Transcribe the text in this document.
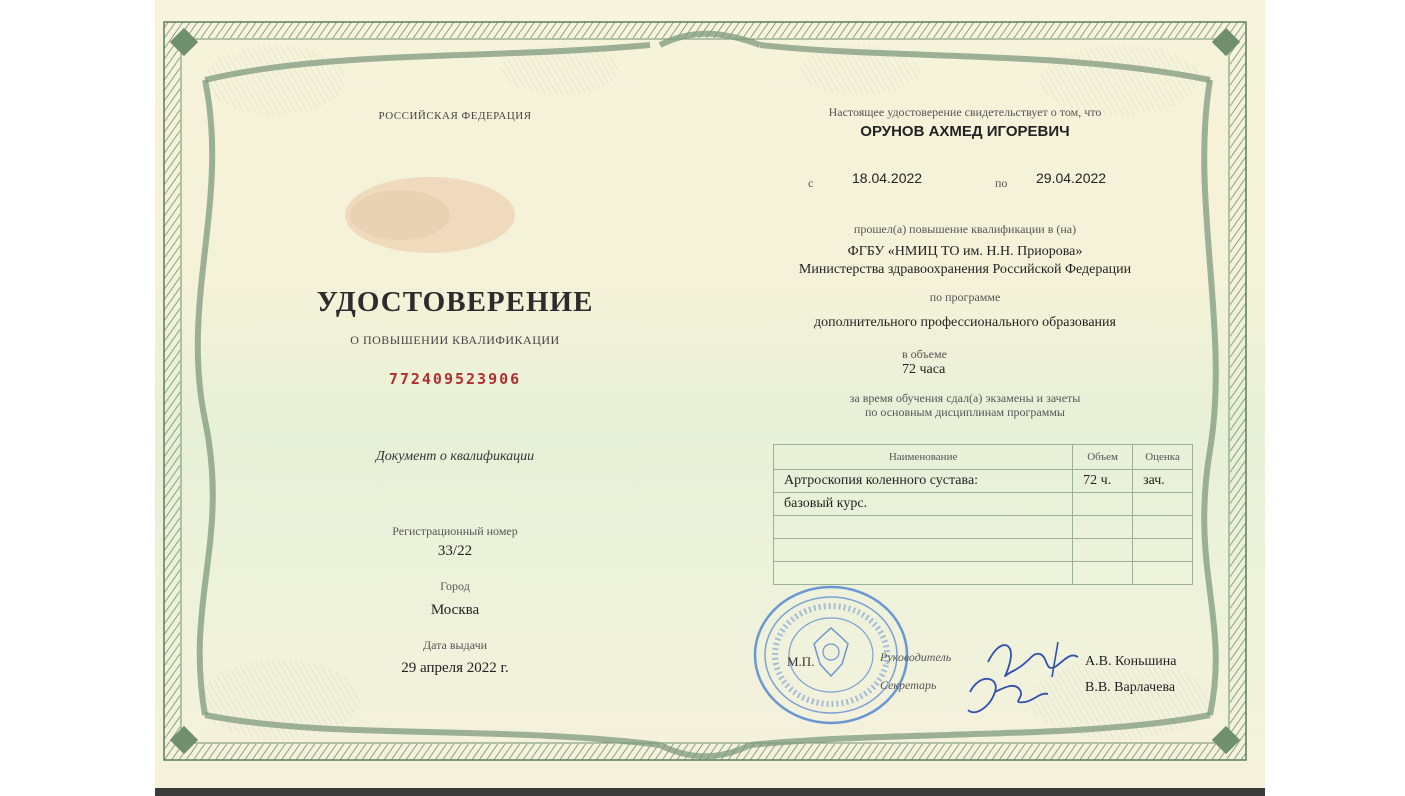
РОССИЙСКАЯ ФЕДЕРАЦИЯ
УДОСТОВЕРЕНИЕ
О ПОВЫШЕНИИ КВАЛИФИКАЦИИ
772409523906
Документ о квалификации
Регистрационный номер
33/22
Город
Москва
Дата выдачи
29 апреля 2022 г.
Настоящее удостоверение свидетельствует о том, что
ОРУНОВ АХМЕД ИГОРЕВИЧ
с	18.04.2022	по 29.04.2022
прошел(а) повышение квалификации в (на)
ФГБУ «НМИЦ ТО им. Н.Н. Приорова»
Министерства здравоохранения Российской Федерации
по программе
дополнительного профессионального образования
в объеме
72 часа
за время обучения сдал(а) экзамены и зачеты
по основным дисциплинам программы
Наименование	Объем	Оценка
Артроскопия коленного сустава:	72 ч.	зач.
базовый курс.		

М.П.	Руководитель
Секретарь
А.В. Коньшина
В.В. Варлачева
